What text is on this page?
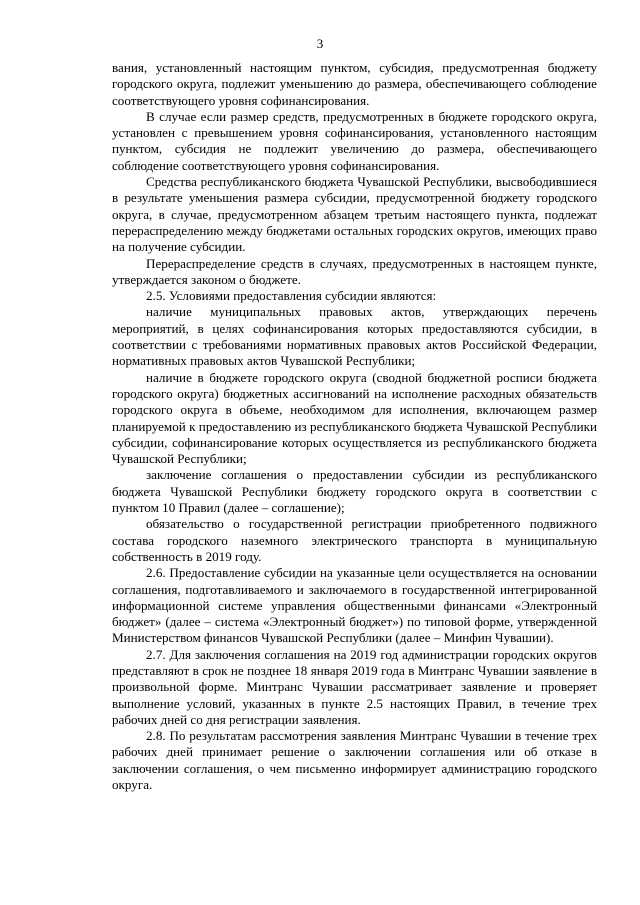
3

вания, установленный настоящим пунктом, субсидия, предусмотренная бюджету городского округа, подлежит уменьшению до размера, обеспечивающего соблюдение соответствующего уровня софинансирования.

В случае если размер средств, предусмотренных в бюджете городского округа, установлен с превышением уровня софинансирования, установленного настоящим пунктом, субсидия не подлежит увеличению до размера, обеспечивающего соблюдение соответствующего уровня софинансирования.

Средства республиканского бюджета Чувашской Республики, высвободившиеся в результате уменьшения размера субсидии, предусмотренной бюджету городского округа, в случае, предусмотренном абзацем третьим настоящего пункта, подлежат перераспределению между бюджетами остальных городских округов, имеющих право на получение субсидии.

Перераспределение средств в случаях, предусмотренных в настоящем пункте, утверждается законом о бюджете.

2.5. Условиями предоставления субсидии являются:

наличие муниципальных правовых актов, утверждающих перечень мероприятий, в целях софинансирования которых предоставляются субсидии, в соответствии с требованиями нормативных правовых актов Российской Федерации, нормативных правовых актов Чувашской Республики;

наличие в бюджете городского округа (сводной бюджетной росписи бюджета городского округа) бюджетных ассигнований на исполнение расходных обязательств городского округа в объеме, необходимом для исполнения, включающем размер планируемой к предоставлению из республиканского бюджета Чувашской Республики субсидии, софинансирование которых осуществляется из республиканского бюджета Чувашской Республики;

заключение соглашения о предоставлении субсидии из республиканского бюджета Чувашской Республики бюджету городского округа в соответствии с пунктом 10 Правил (далее – соглашение);

обязательство о государственной регистрации приобретенного подвижного состава городского наземного электрического транспорта в муниципальную собственность в 2019 году.

2.6. Предоставление субсидии на указанные цели осуществляется на основании соглашения, подготавливаемого и заключаемого в государственной интегрированной информационной системе управления общественными финансами «Электронный бюджет» (далее – система «Электронный бюджет») по типовой форме, утвержденной Министерством финансов Чувашской Республики (далее – Минфин Чувашии).

2.7. Для заключения соглашения на 2019 год администрации городских округов представляют в срок не позднее 18 января 2019 года в Минтранс Чувашии заявление в произвольной форме. Минтранс Чувашии рассматривает заявление и проверяет выполнение условий, указанных в пункте 2.5 настоящих Правил, в течение трех рабочих дней со дня регистрации заявления.

2.8. По результатам рассмотрения заявления Минтранс Чувашии в течение трех рабочих дней принимает решение о заключении соглашения или об отказе в заключении соглашения, о чем письменно информирует администрацию городского округа.
